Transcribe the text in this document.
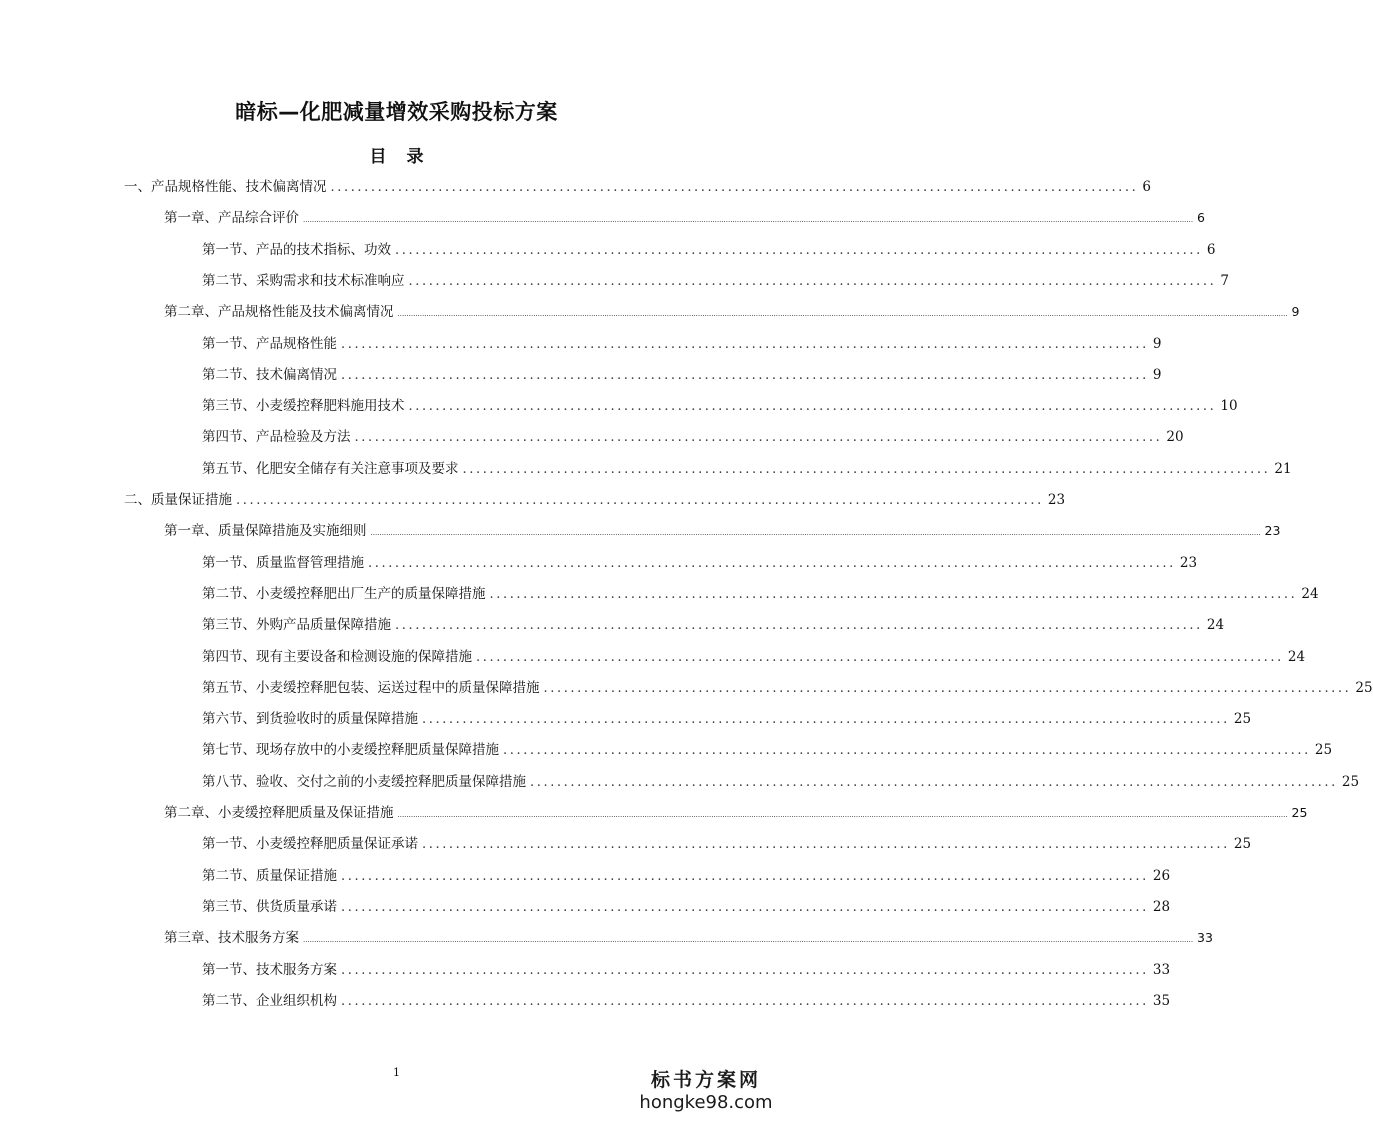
暗标—化肥减量增效采购投标方案
目 录
一、产品规格性能、技术偏离情况 ........................................................................................................................ 6
第一章、产品综合评价 ................................................................................................................................................................................................................................................................................................................................................................................................................ 6
第一节、产品的技术指标、功效 ........................................................................................................................ 6
第二节、采购需求和技术标准响应 ........................................................................................................................ 7
第二章、产品规格性能及技术偏离情况 ................................................................................................................................................................................................................................................................................................................................................................................................................ 9
第一节、产品规格性能 ........................................................................................................................ 9
第二节、技术偏离情况 ........................................................................................................................ 9
第三节、小麦缓控释肥料施用技术 ........................................................................................................................ 10
第四节、产品检验及方法 ........................................................................................................................ 20
第五节、化肥安全储存有关注意事项及要求 ........................................................................................................................ 21
二、质量保证措施 ........................................................................................................................ 23
第一章、质量保障措施及实施细则 ................................................................................................................................................................................................................................................................................................................................................................................................................ 23
第一节、质量监督管理措施 ........................................................................................................................ 23
第二节、小麦缓控释肥出厂生产的质量保障措施 ........................................................................................................................ 24
第三节、外购产品质量保障措施 ........................................................................................................................ 24
第四节、现有主要设备和检测设施的保障措施 ........................................................................................................................ 24
第五节、小麦缓控释肥包装、运送过程中的质量保障措施 ........................................................................................................................ 25
第六节、到货验收时的质量保障措施 ........................................................................................................................ 25
第七节、现场存放中的小麦缓控释肥质量保障措施 ........................................................................................................................ 25
第八节、验收、交付之前的小麦缓控释肥质量保障措施 ........................................................................................................................ 25
第二章、小麦缓控释肥质量及保证措施 ................................................................................................................................................................................................................................................................................................................................................................................................................ 25
第一节、小麦缓控释肥质量保证承诺 ........................................................................................................................ 25
第二节、质量保证措施 ........................................................................................................................ 26
第三节、供货质量承诺 ........................................................................................................................ 28
第三章、技术服务方案 ................................................................................................................................................................................................................................................................................................................................................................................................................ 33
第一节、技术服务方案 ........................................................................................................................ 33
第二节、企业组织机构 ........................................................................................................................ 35
1	标书方案网
hongke98.com
